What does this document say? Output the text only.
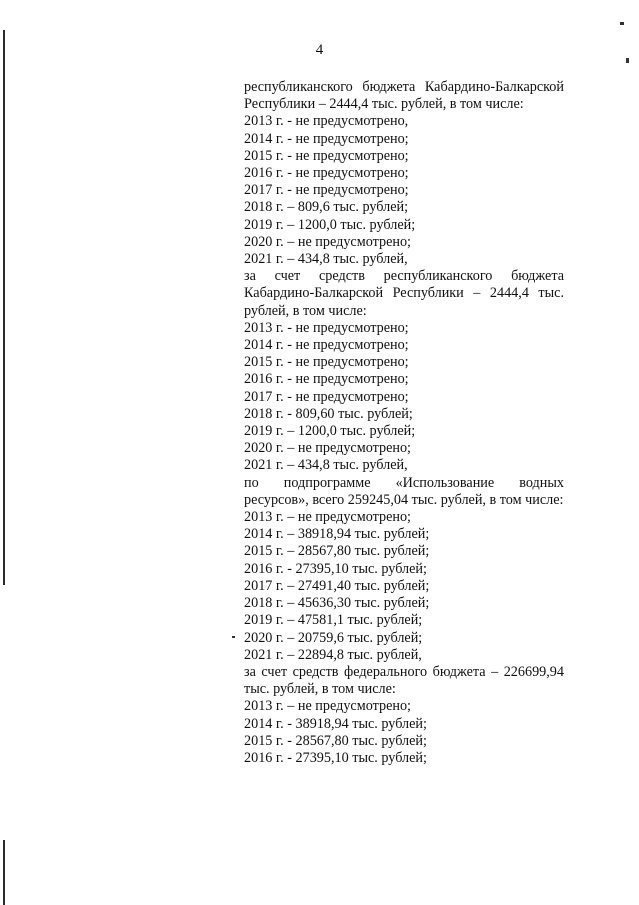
4
республиканского бюджета Кабардино-Балкарской Республики – 2444,4 тыс. рублей, в том числе:
2013 г. - не предусмотрено,
2014 г. - не предусмотрено;
2015 г. - не предусмотрено;
2016 г. - не предусмотрено;
2017 г. - не предусмотрено;
2018 г. – 809,6 тыс. рублей;
2019 г. – 1200,0 тыс. рублей;
2020 г. – не предусмотрено;
2021 г. – 434,8 тыс. рублей,
за счет средств республиканского бюджета Кабардино-Балкарской Республики – 2444,4 тыс. рублей, в том числе:
2013 г. - не предусмотрено;
2014 г. - не предусмотрено;
2015 г. - не предусмотрено;
2016 г. - не предусмотрено;
2017 г. - не предусмотрено;
2018 г. - 809,60 тыс. рублей;
2019 г. – 1200,0 тыс. рублей;
2020 г. – не предусмотрено;
2021 г. – 434,8 тыс. рублей,
по подпрограмме «Использование водных ресурсов», всего 259245,04 тыс. рублей, в том числе:
2013 г. – не предусмотрено;
2014 г. – 38918,94 тыс. рублей;
2015 г. – 28567,80 тыс. рублей;
2016 г. - 27395,10 тыс. рублей;
2017 г. – 27491,40 тыс. рублей;
2018 г. – 45636,30 тыс. рублей;
2019 г. – 47581,1 тыс. рублей;
2020 г. – 20759,6 тыс. рублей;
2021 г. – 22894,8 тыс. рублей,
за счет средств федерального бюджета – 226699,94 тыс. рублей, в том числе:
2013 г. – не предусмотрено;
2014 г. - 38918,94 тыс. рублей;
2015 г. - 28567,80 тыс. рублей;
2016 г. - 27395,10 тыс. рублей;
